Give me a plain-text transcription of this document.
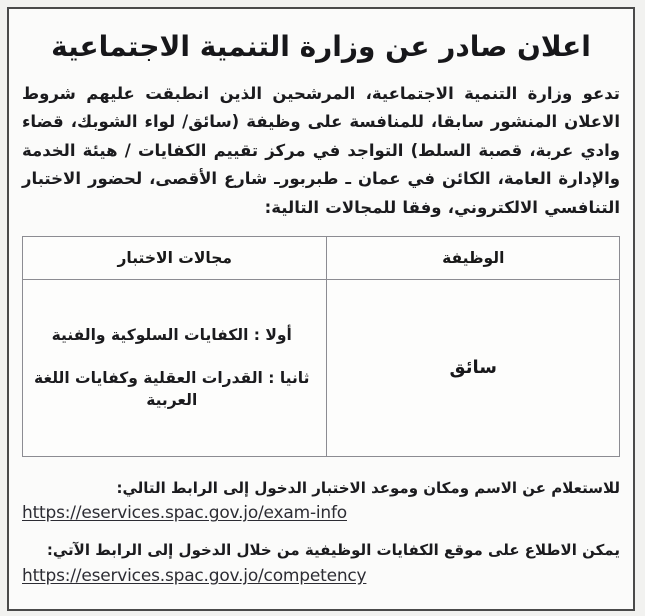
اعلان صادر عن وزارة التنمية الاجتماعية

تدعو وزارة التنمية الاجتماعية، المرشحين الذين انطبقت عليهم شروط الاعلان المنشور سابقا، للمنافسة على وظيفة (سائق/ لواء الشوبك، قضاء وادي عربة، قصبة السلط) التواجد في مركز تقييم الكفايات / هيئة الخدمة والإدارة العامة، الكائن في عمان ـ طبربورـ شارع الأقصى، لحضور الاختبار التنافسي الالكتروني، وفقا للمجالات التالية:

الوظيفة	مجالات الاختبار
سائق	أولا : الكفايات السلوكية والفنية

ثانيا : القدرات العقلية وكفايات اللغة العربية

للاستعلام عن الاسم ومكان وموعد الاختبار الدخول إلى الرابط التالي:
https://eservices.spac.gov.jo/exam-info
يمكن الاطلاع على موقع الكفايات الوظيفية من خلال الدخول إلى الرابط الآتي:
https://eservices.spac.gov.jo/competency
